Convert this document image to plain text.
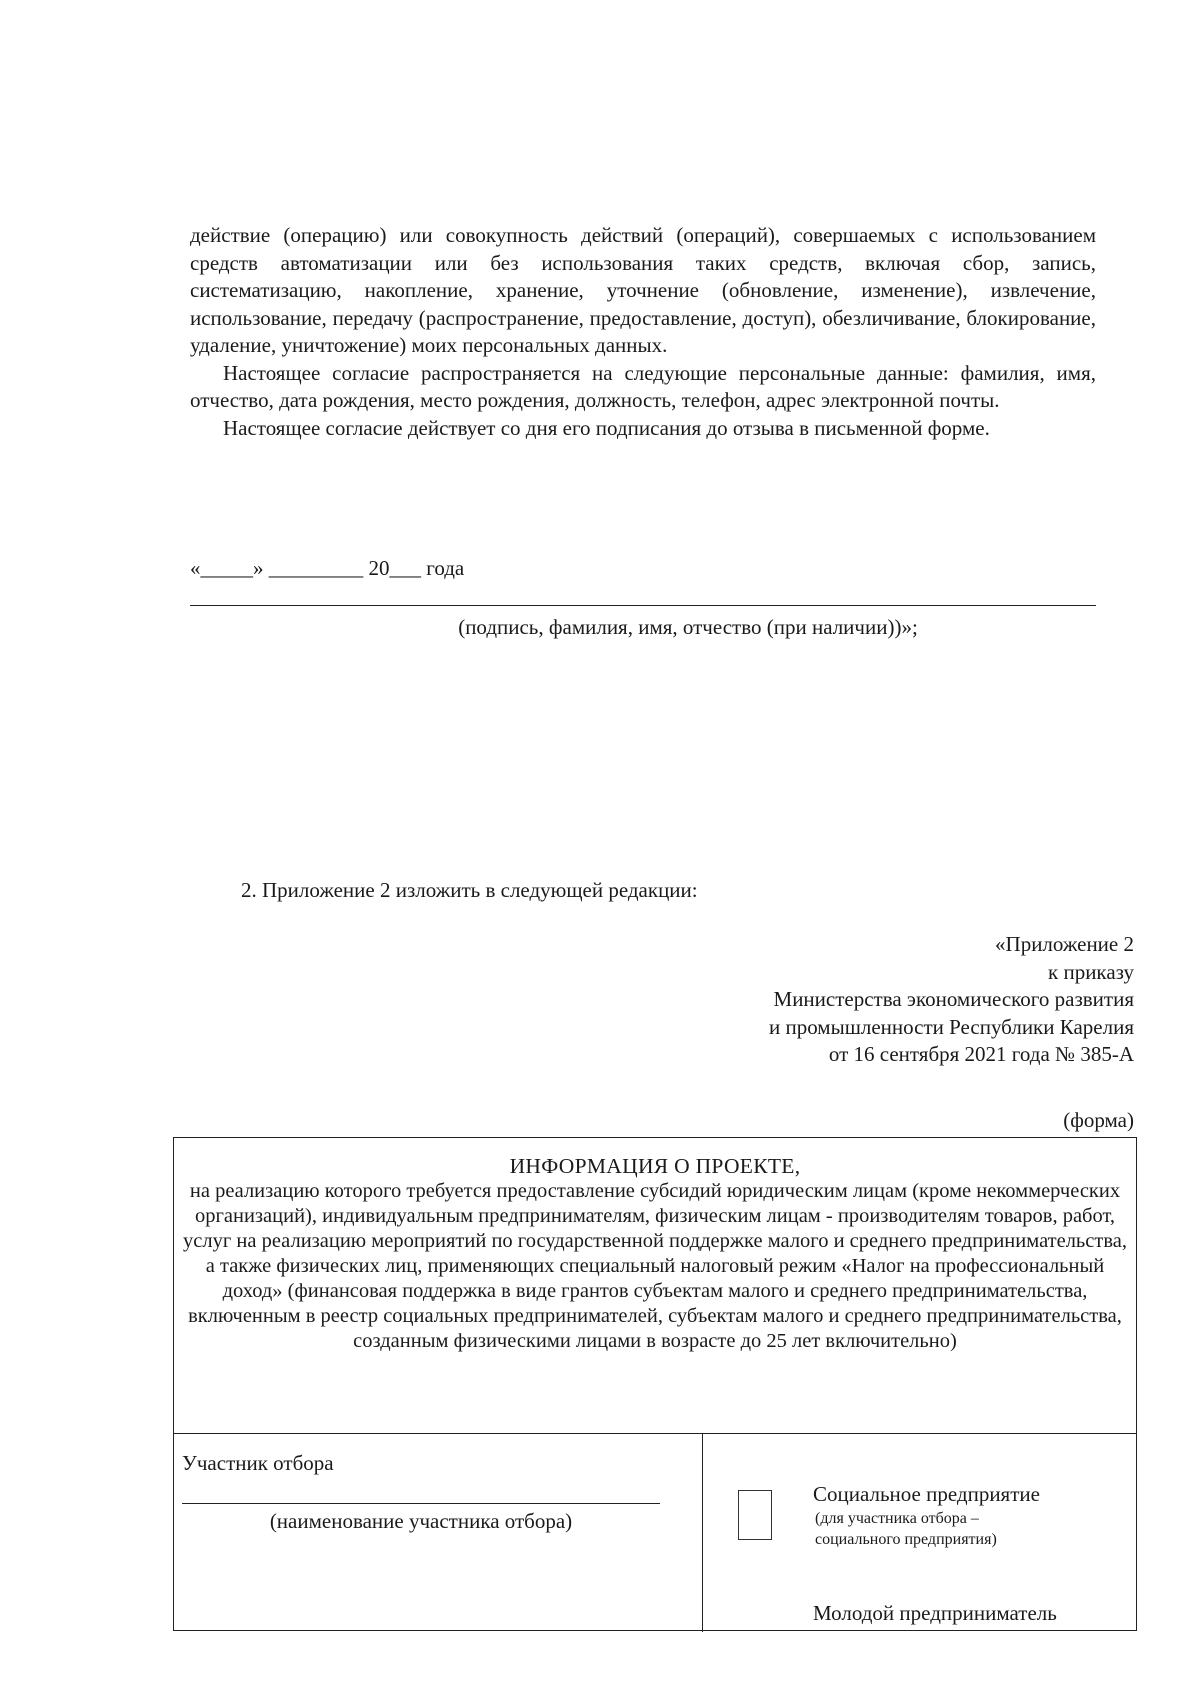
действие (операцию) или совокупность действий (операций), совершаемых с использованием средств автоматизации или без использования таких средств, включая сбор, запись, систематизацию, накопление, хранение, уточнение (обновление, изменение), извлечение, использование, передачу (распространение, предоставление, доступ), обезличивание, блокирование, удаление, уничтожение) моих персональных данных.

Настоящее согласие распространяется на следующие персональные данные: фамилия, имя, отчество, дата рождения, место рождения, должность, телефон, адрес электронной почты.

Настоящее согласие действует со дня его подписания до отзыва в письменной форме.

«_____» _________ 20___ года
(подпись, фамилия, имя, отчество (при наличии))»;
2. Приложение 2 изложить в следующей редакции:
«Приложение 2
к приказу
Министерства экономического развития
и промышленности Республики Карелия
от 16 сентября 2021 года № 385-А
(форма)
ИНФОРМАЦИЯ О ПРОЕКТЕ,
на реализацию которого требуется предоставление субсидий юридическим лицам (кроме некоммерческих организаций), индивидуальным предпринимателям, физическим лицам - производителям товаров, работ, услуг на реализацию мероприятий по государственной поддержке малого и среднего предпринимательства, а также физических лиц, применяющих специальный налоговый режим «Налог на профессиональный доход» (финансовая поддержка в виде грантов субъектам малого и среднего предпринимательства, включенным в реестр социальных предпринимателей, субъектам малого и среднего предпринимательства, созданным физическими лицами в возрасте до 25 лет включительно)
Участник отбора
(наименование участника отбора)
Социальное предприятие
(для участника отбора –
социального предприятия)
Молодой предприниматель
